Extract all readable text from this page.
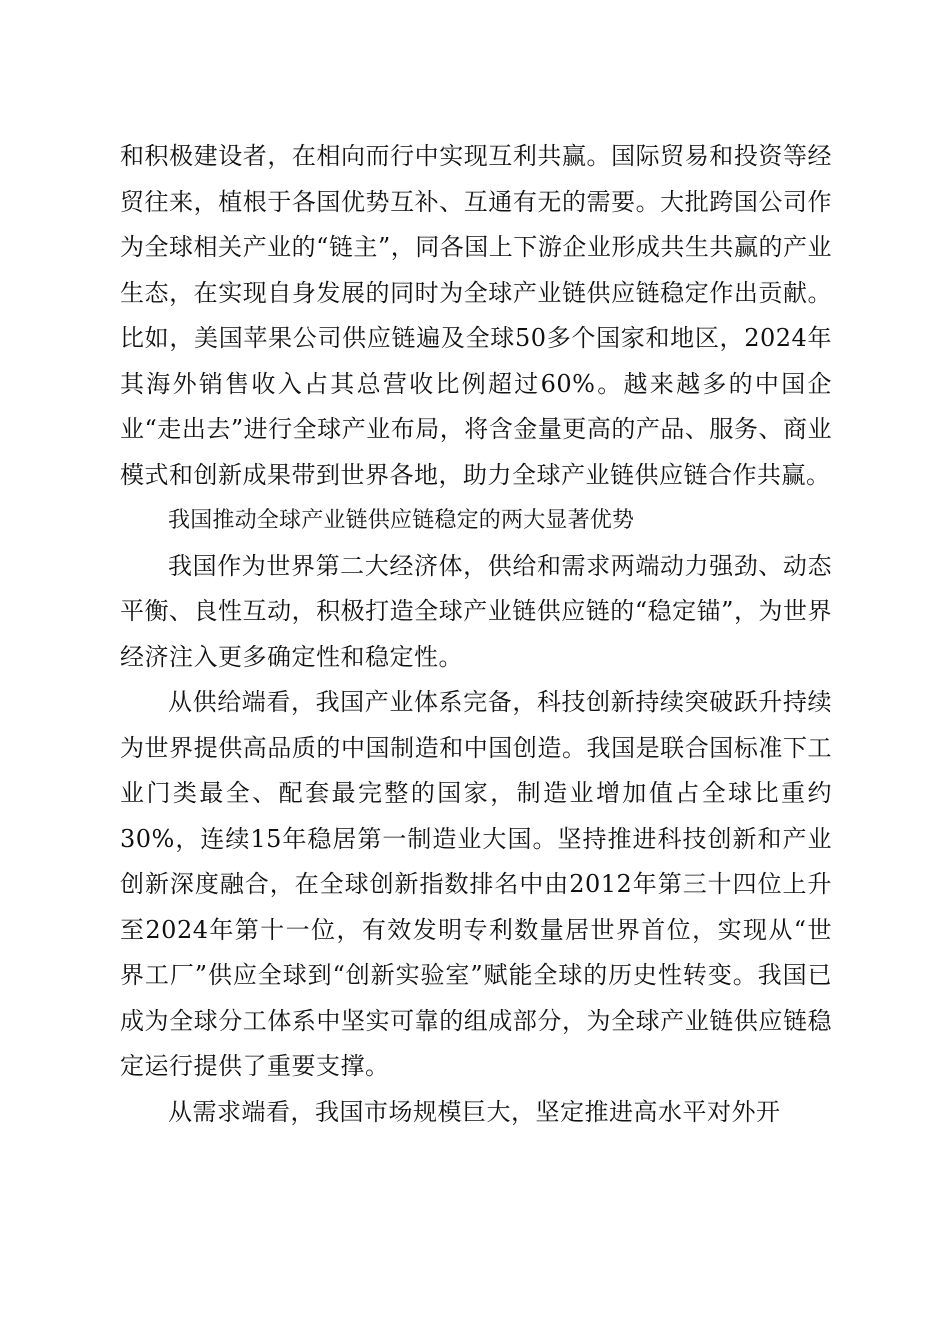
和积极建设者，在相向而行中实现互利共赢。国际贸易和投资等经贸往来，植根于各国优势互补、互通有无的需要。大批跨国公司作为全球相关产业的“链主”，同各国上下游企业形成共生共赢的产业生态，在实现自身发展的同时为全球产业链供应链稳定作出贡献。比如，美国苹果公司供应链遍及全球50多个国家和地区，2024年其海外销售收入占其总营收比例超过60%。越来越多的中国企业“走出去”进行全球产业布局，将含金量更高的产品、服务、商业模式和创新成果带到世界各地，助力全球产业链供应链合作共赢。

我国推动全球产业链供应链稳定的两大显著优势

我国作为世界第二大经济体，供给和需求两端动力强劲、动态平衡、良性互动，积极打造全球产业链供应链的“稳定锚”，为世界经济注入更多确定性和稳定性。

从供给端看，我国产业体系完备，科技创新持续突破跃升持续为世界提供高品质的中国制造和中国创造。我国是联合国标准下工业门类最全、配套最完整的国家，制造业增加值占全球比重约30%，连续15年稳居第一制造业大国。坚持推进科技创新和产业创新深度融合，在全球创新指数排名中由2012年第三十四位上升至2024年第十一位，有效发明专利数量居世界首位，实现从“世界工厂”供应全球到“创新实验室”赋能全球的历史性转变。我国已成为全球分工体系中坚实可靠的组成部分，为全球产业链供应链稳定运行提供了重要支撑。

从需求端看，我国市场规模巨大，坚定推进高水平对外开
